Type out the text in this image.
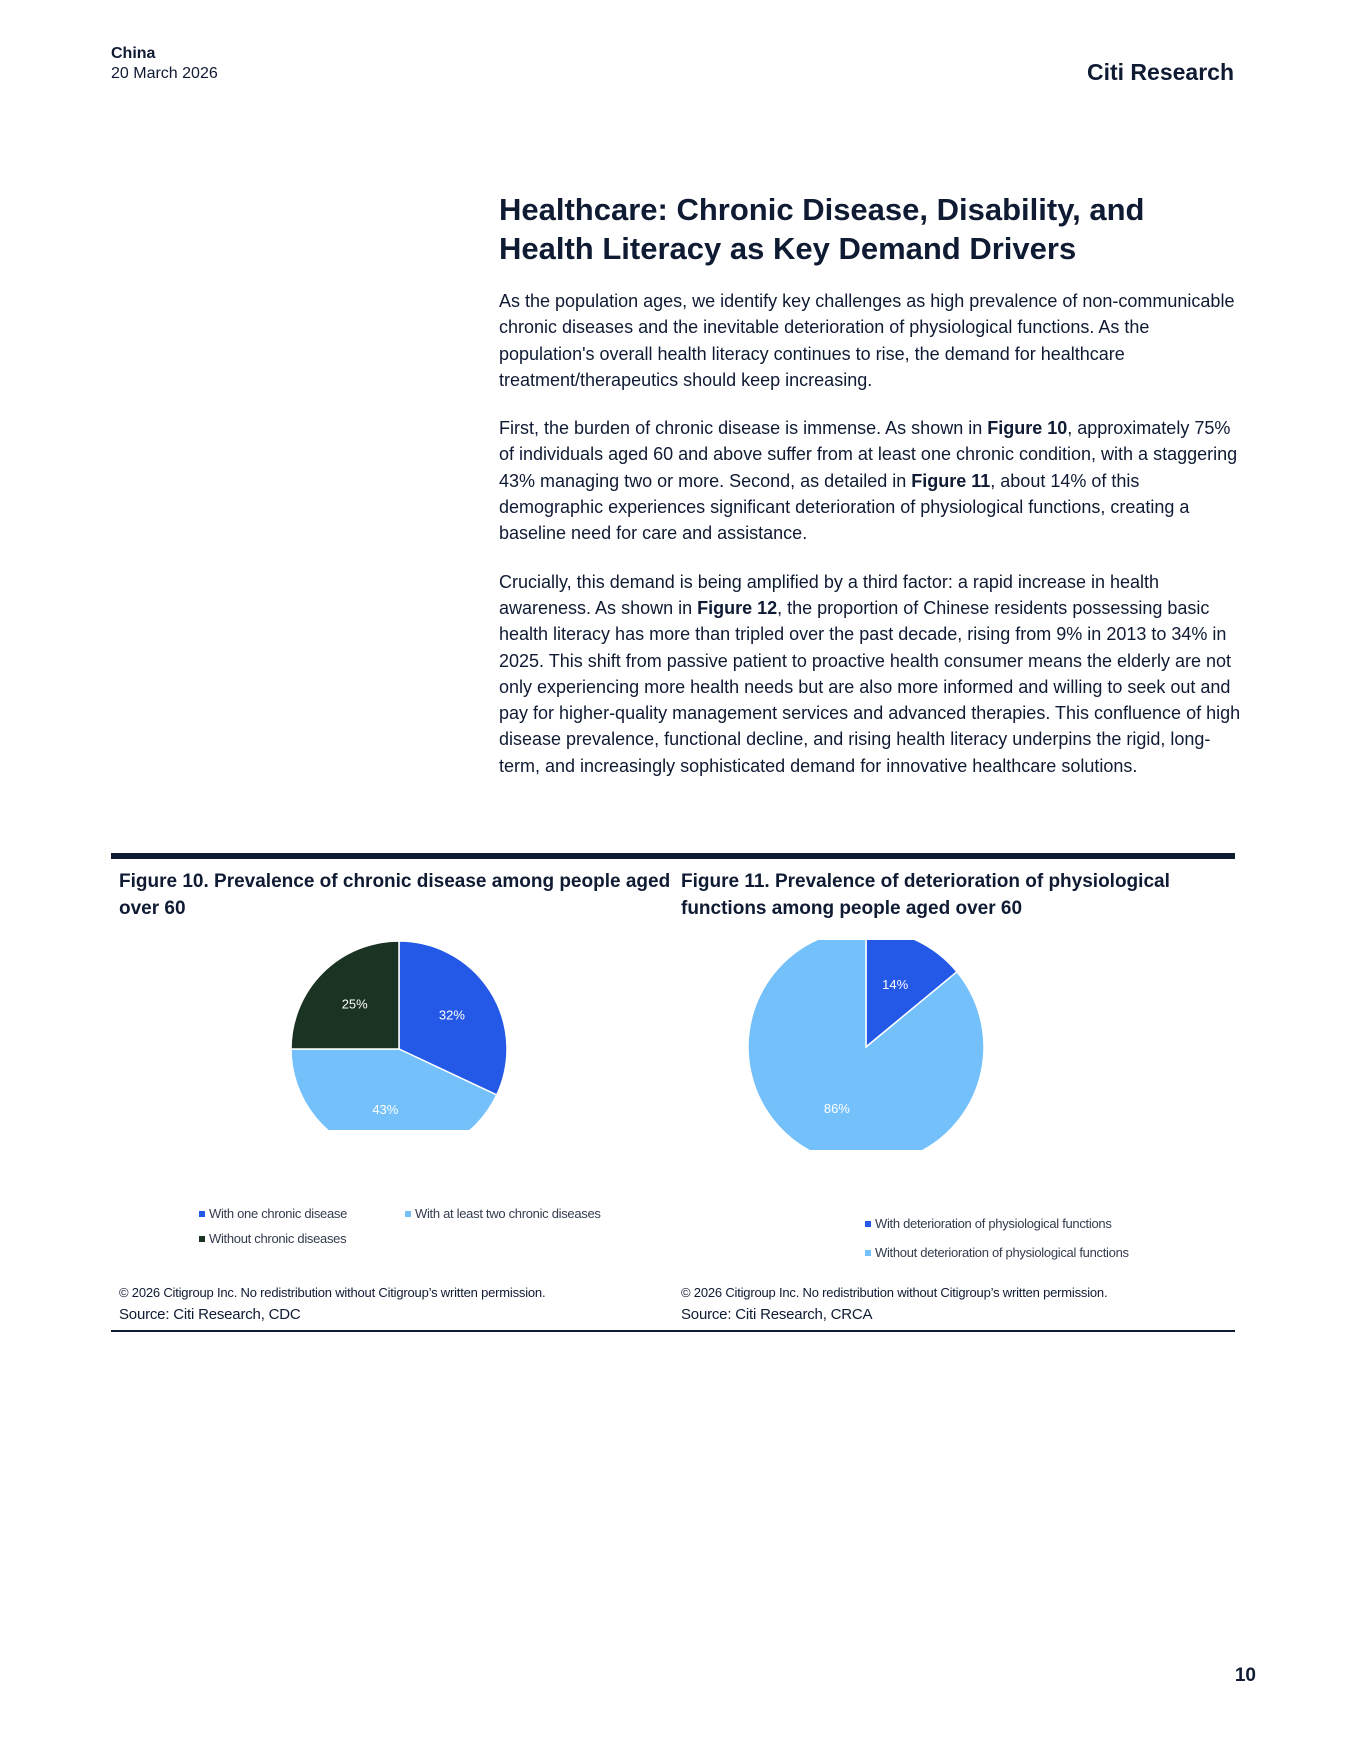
China
20 March 2026	Citi Research
Healthcare: Chronic Disease, Disability, and
Health Literacy as Key Demand Drivers

As the population ages, we identify key challenges as high prevalence of non-communicable chronic diseases and the inevitable deterioration of physiological functions. As the population's overall health literacy continues to rise, the demand for healthcare treatment/therapeutics should keep increasing.

First, the burden of chronic disease is immense. As shown in Figure 10, approximately 75% of individuals aged 60 and above suffer from at least one chronic condition, with a staggering 43% managing two or more. Second, as detailed in Figure 11, about 14% of this demographic experiences significant deterioration of physiological functions, creating a baseline need for care and assistance.

Crucially, this demand is being amplified by a third factor: a rapid increase in health awareness. As shown in Figure 12, the proportion of Chinese residents possessing basic health literacy has more than tripled over the past decade, rising from 9% in 2013 to 34% in 2025. This shift from passive patient to proactive health consumer means the elderly are not only experiencing more health needs but are also more informed and willing to seek out and pay for higher-quality management services and advanced therapies. This confluence of high disease prevalence, functional decline, and rising health literacy underpins the rigid, long-term, and increasingly sophisticated demand for innovative healthcare solutions.

Figure 10. Prevalence of chronic disease among people aged
over 60

32%
43%
25%
With one chronic disease	With at least two chronic diseases
Without chronic diseases
© 2026 Citigroup Inc. No redistribution without Citigroup’s written permission.
Source: Citi Research, CDC

Figure 11. Prevalence of deterioration of physiological
functions among people aged over 60

14%
86%
With deterioration of physiological functions
Without deterioration of physiological functions
© 2026 Citigroup Inc. No redistribution without Citigroup’s written permission.
Source: Citi Research, CRCA
10
